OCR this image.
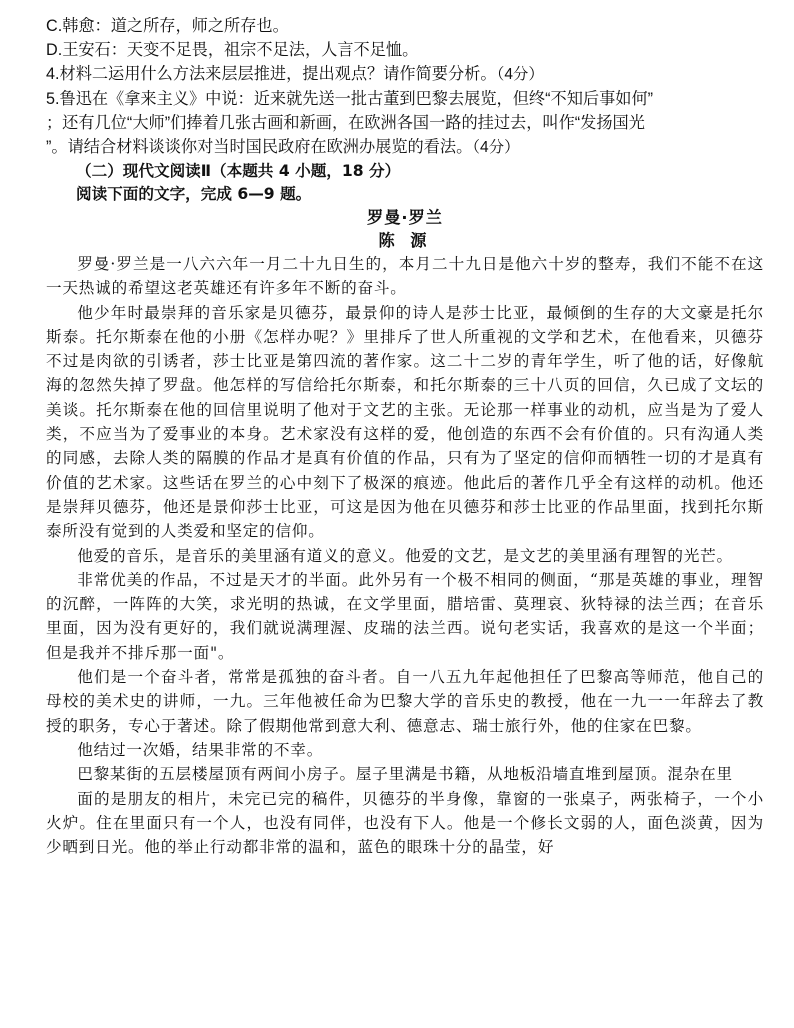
C.韩愈：道之所存，师之所存也。

D.王安石：天变不足畏，祖宗不足法，人言不足恤。

4.材料二运用什么方法来层层推进，提出观点？请作简要分析。（4分）

5.鲁迅在《拿来主义》中说：近来就先送一批古董到巴黎去展览，但终“不知后事如何”

；还有几位“大师”们捧着几张古画和新画，在欧洲各国一路的挂过去，叫作“发扬国光

”。请结合材料谈谈你对当时国民政府在欧洲办展览的看法。（4分）

（二）现代文阅读Ⅱ（本题共 4 小题，18 分）

阅读下面的文字，完成 6—9 题。

罗曼·罗兰

陈 源

罗曼·罗兰是一八六六年一月二十九日生的，本月二十九日是他六十岁的整寿，我们不能不在这一天热诚的希望这老英雄还有许多年不断的奋斗。

他少年时最崇拜的音乐家是贝德芬，最景仰的诗人是莎士比亚，最倾倒的生存的大文豪是托尔斯泰。托尔斯泰在他的小册《怎样办呢？》里排斥了世人所重视的文学和艺术，在他看来，贝德芬不过是肉欲的引诱者，莎士比亚是第四流的著作家。这二十二岁的青年学生，听了他的话，好像航海的忽然失掉了罗盘。他怎样的写信给托尔斯泰，和托尔斯泰的三十八页的回信，久已成了文坛的美谈。托尔斯泰在他的回信里说明了他对于文艺的主张。无论那一样事业的动机，应当是为了爱人类，不应当为了爱事业的本身。艺术家没有这样的爱，他创造的东西不会有价值的。只有沟通人类的同感，去除人类的隔膜的作品才是真有价值的作品，只有为了坚定的信仰而牺牲一切的才是真有价值的艺术家。这些话在罗兰的心中刻下了极深的痕迹。他此后的著作几乎全有这样的动机。他还是崇拜贝德芬，他还是景仰莎士比亚，可这是因为他在贝德芬和莎士比亚的作品里面，找到托尔斯泰所没有觉到的人类爱和坚定的信仰。

他爱的音乐，是音乐的美里涵有道义的意义。他爱的文艺，是文艺的美里涵有理智的光芒。

非常优美的作品，不过是天才的半面。此外另有一个极不相同的侧面，“那是英雄的事业，理智的沉醉，一阵阵的大笑，求光明的热诚，在文学里面，腊培雷、莫理哀、狄特禄的法兰西；在音乐里面，因为没有更好的，我们就说满理渥、皮瑞的法兰西。说句老实话，我喜欢的是这一个半面；但是我并不排斥那一面"。

他们是一个奋斗者，常常是孤独的奋斗者。自一八五九年起他担任了巴黎高等师范，他自己的母校的美术史的讲师，一九。三年他被任命为巴黎大学的音乐史的教授，他在一九一一年辞去了教授的职务，专心于著述。除了假期他常到意大利、德意志、瑞士旅行外，他的住家在巴黎。

他结过一次婚，结果非常的不幸。

巴黎某街的五层楼屋顶有两间小房子。屋子里满是书籍，从地板沿墙直堆到屋顶。混杂在里

面的是朋友的相片，未完已完的稿件，贝德芬的半身像，靠窗的一张桌子，两张椅子，一个小火炉。住在里面只有一个人，也没有同伴，也没有下人。他是一个修长文弱的人，面色淡黄，因为少晒到日光。他的举止行动都非常的温和，蓝色的眼珠十分的晶莹，好
